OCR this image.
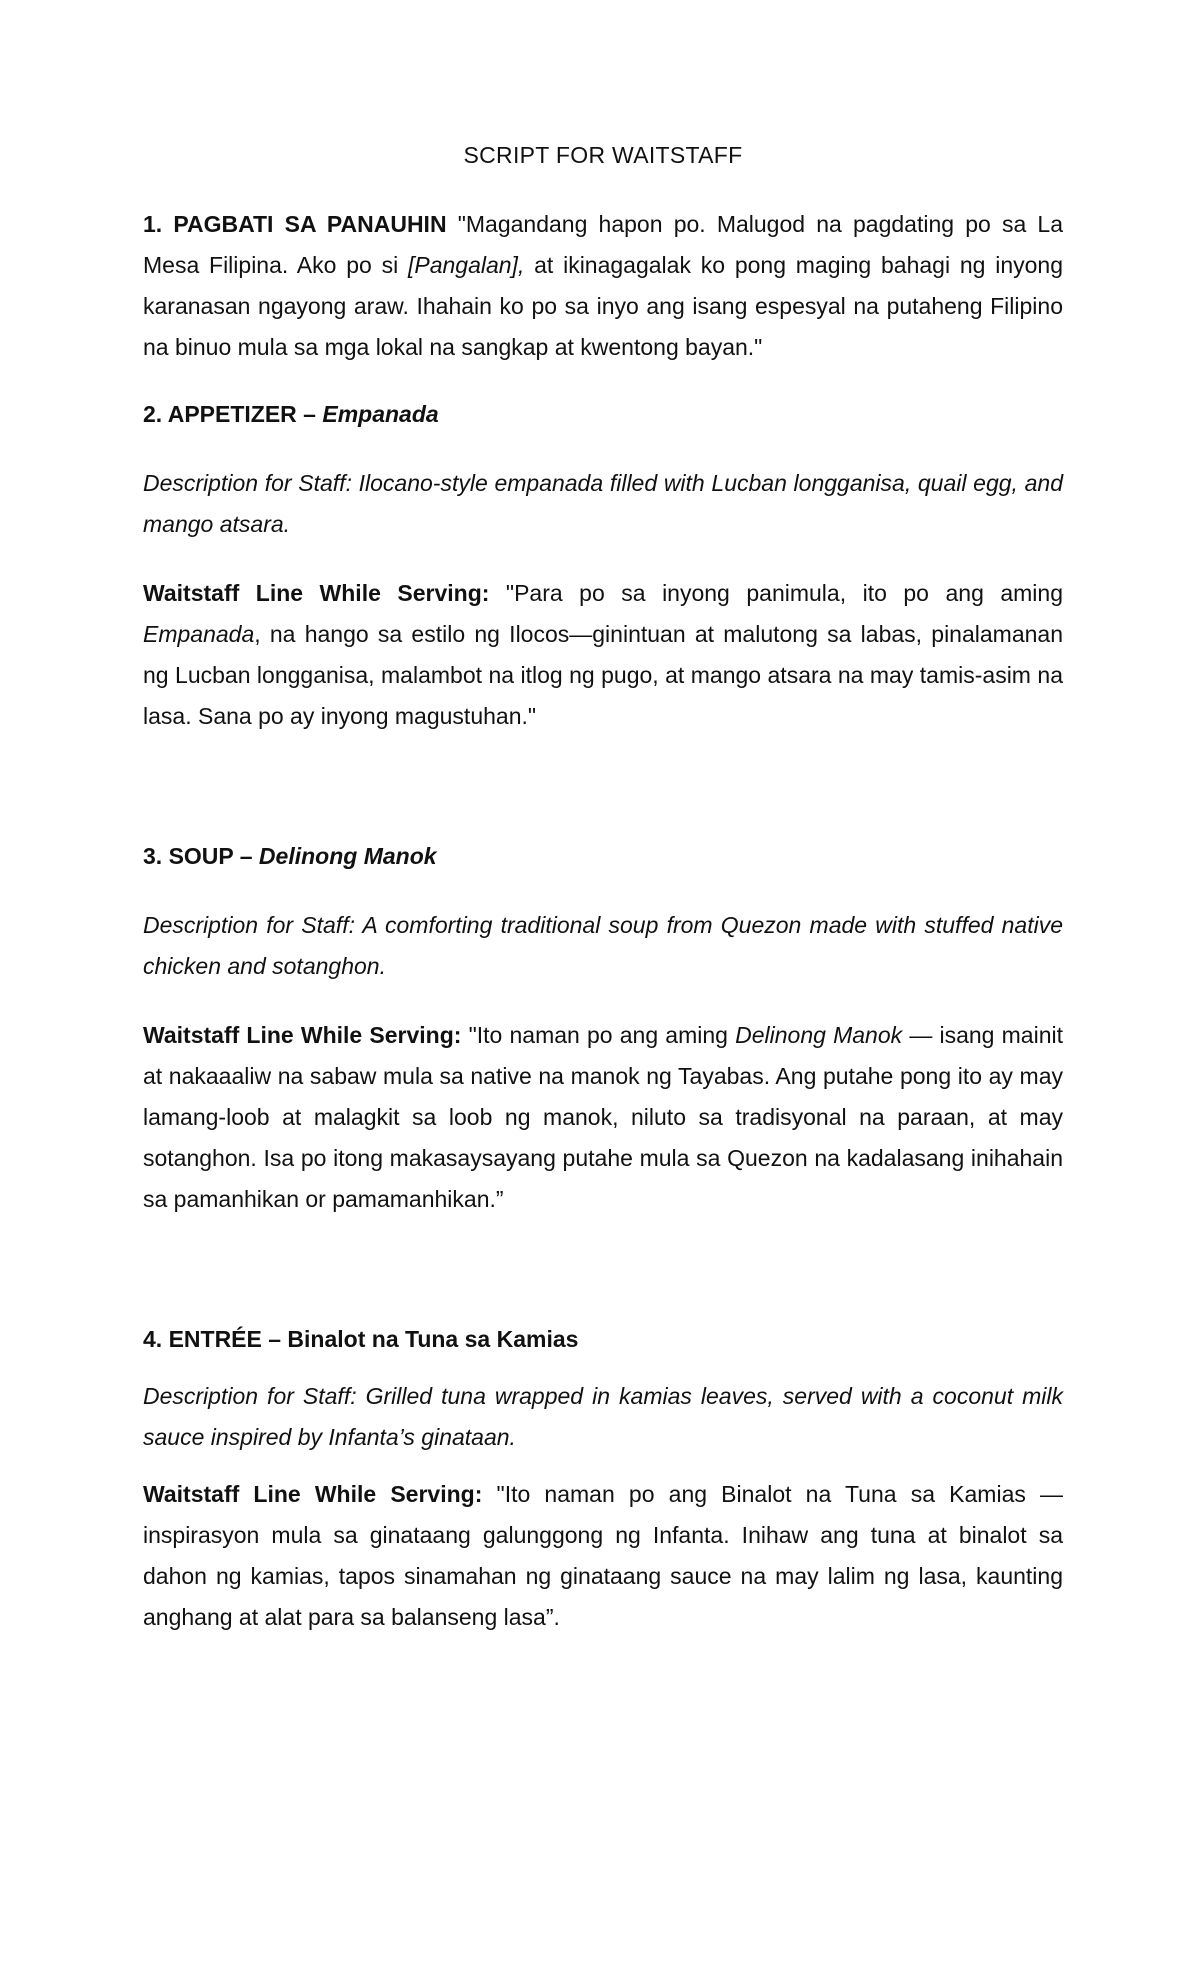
SCRIPT FOR WAITSTAFF

1. PAGBATI SA PANAUHIN "Magandang hapon po. Malugod na pagdating po sa La Mesa Filipina. Ako po si [Pangalan], at ikinagagalak ko pong maging bahagi ng inyong karanasan ngayong araw. Ihahain ko po sa inyo ang isang espesyal na putaheng Filipino na binuo mula sa mga lokal na sangkap at kwentong bayan."

2. APPETIZER – Empanada

Description for Staff: Ilocano-style empanada filled with Lucban longganisa, quail egg, and mango atsara.

Waitstaff Line While Serving: "Para po sa inyong panimula, ito po ang aming Empanada, na hango sa estilo ng Ilocos—ginintuan at malutong sa labas, pinalamanan ng Lucban longganisa, malambot na itlog ng pugo, at mango atsara na may tamis-asim na lasa. Sana po ay inyong magustuhan."

3. SOUP – Delinong Manok

Description for Staff: A comforting traditional soup from Quezon made with stuffed native chicken and sotanghon.

Waitstaff Line While Serving: "Ito naman po ang aming Delinong Manok — isang mainit at nakaaaliw na sabaw mula sa native na manok ng Tayabas. Ang putahe pong ito ay may lamang-loob at malagkit sa loob ng manok, niluto sa tradisyonal na paraan, at may sotanghon. Isa po itong makasaysayang putahe mula sa Quezon na kadalasang inihahain sa pamanhikan or pamamanhikan.”

4. ENTRÉE – Binalot na Tuna sa Kamias

Description for Staff: Grilled tuna wrapped in kamias leaves, served with a coconut milk sauce inspired by Infanta’s ginataan.

Waitstaff Line While Serving: "Ito naman po ang Binalot na Tuna sa Kamias — inspirasyon mula sa ginataang galunggong ng Infanta. Inihaw ang tuna at binalot sa dahon ng kamias, tapos sinamahan ng ginataang sauce na may lalim ng lasa, kaunting anghang at alat para sa balanseng lasa”.
